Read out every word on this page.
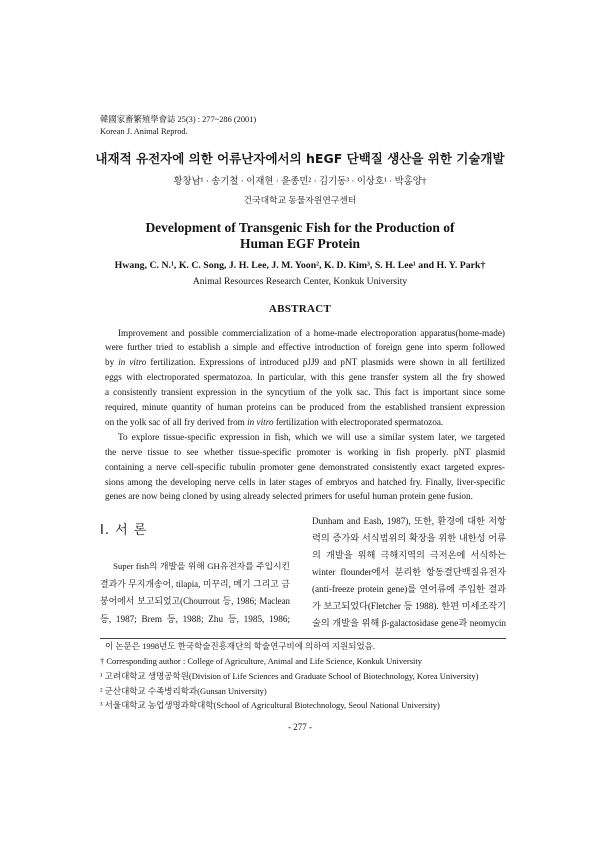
韓國家畜繁殖學會誌 25(3) : 277~286 (2001)
Korean J. Animal Reprod.
내재적 유전자에 의한 어류난자에서의 hEGF 단백질 생산을 위한 기술개발
황창남¹ · 송기철 · 이재현 · 윤종민² · 김기동³ · 이상호¹ · 박홍양†
건국대학교 동물자원연구센터
Development of Transgenic Fish for the Production of
Human EGF Protein
Hwang, C. N.¹, K. C. Song, J. H. Lee, J. M. Yoon², K. D. Kim³, S. H. Lee¹ and H. Y. Park†
Animal Resources Research Center, Konkuk University
ABSTRACT
Improvement and possible commercialization of a home-made electroporation apparatus(home-made)
were further tried to establish a simple and effective introduction of foreign gene into sperm followed
by in vitro fertilization. Expressions of introduced pJJ9 and pNT plasmids were shown in all fertilized
eggs with electroporated spermatozoa. In particular, with this gene transfer system all the fry showed
a consistently transient expression in the syncytium of the yolk sac. This fact is important since some
required, minute quantity of human proteins can be produced from the established transient expression
on the yolk sac of all fry derived from in vitro fertilization with electroporated spermatozoa.
To explore tissue-specific expression in fish, which we will use a similar system later, we targeted
the nerve tissue to see whether tissue-specific promoter is working in fish properly. pNT plasmid
containing a nerve cell-specific tubulin promoter gene demonstrated consistently exact targeted expres-
sions among the developing nerve cells in later stages of embryos and hatched fry. Finally, liver-specific
genes are now being cloned by using already selected primers for useful human protein gene fusion.
Ⅰ. 서 론
Super fish의 개발을 위해 GH유전자를 주입시킨
결과가 무지개송어, tilapia, 미꾸리, 메기 그리고 금
붕어에서 보고되었고(Chourrout 등, 1986; Maclean
등, 1987; Brem 등, 1988; Zhu 등, 1985, 1986;
Dunham and Eash, 1987), 또한, 환경에 대한 저항
력의 증가와 서식범위의 확장을 위한 내한성 어류
의 개발을 위해 극해지역의 극저온에 서식하는
winter flounder에서 분리한 항동결단백질유전자
(anti-freeze protein gene)를 연어류에 주입한 결과
가 보고되었다(Fletcher 등 1988). 한편 미세조작기
술의 개발을 위해 β-galactosidase gene과 neomycin
이 논문은 1998년도 한국학술진흥재단의 학술연구비에 의하여 지원되었음.
† Corresponding author : College of Agriculture, Animal and Life Science, Konkuk University
¹ 고려대학교 생명공학원(Division of Life Sciences and Graduate School of Biotechnology, Korea University)
² 군산대학교 수족병리학과(Gunsan University)
³ 서울대학교 농업생명과학대학(School of Agricultural Biotechnology, Seoul National University)
- 277 -
